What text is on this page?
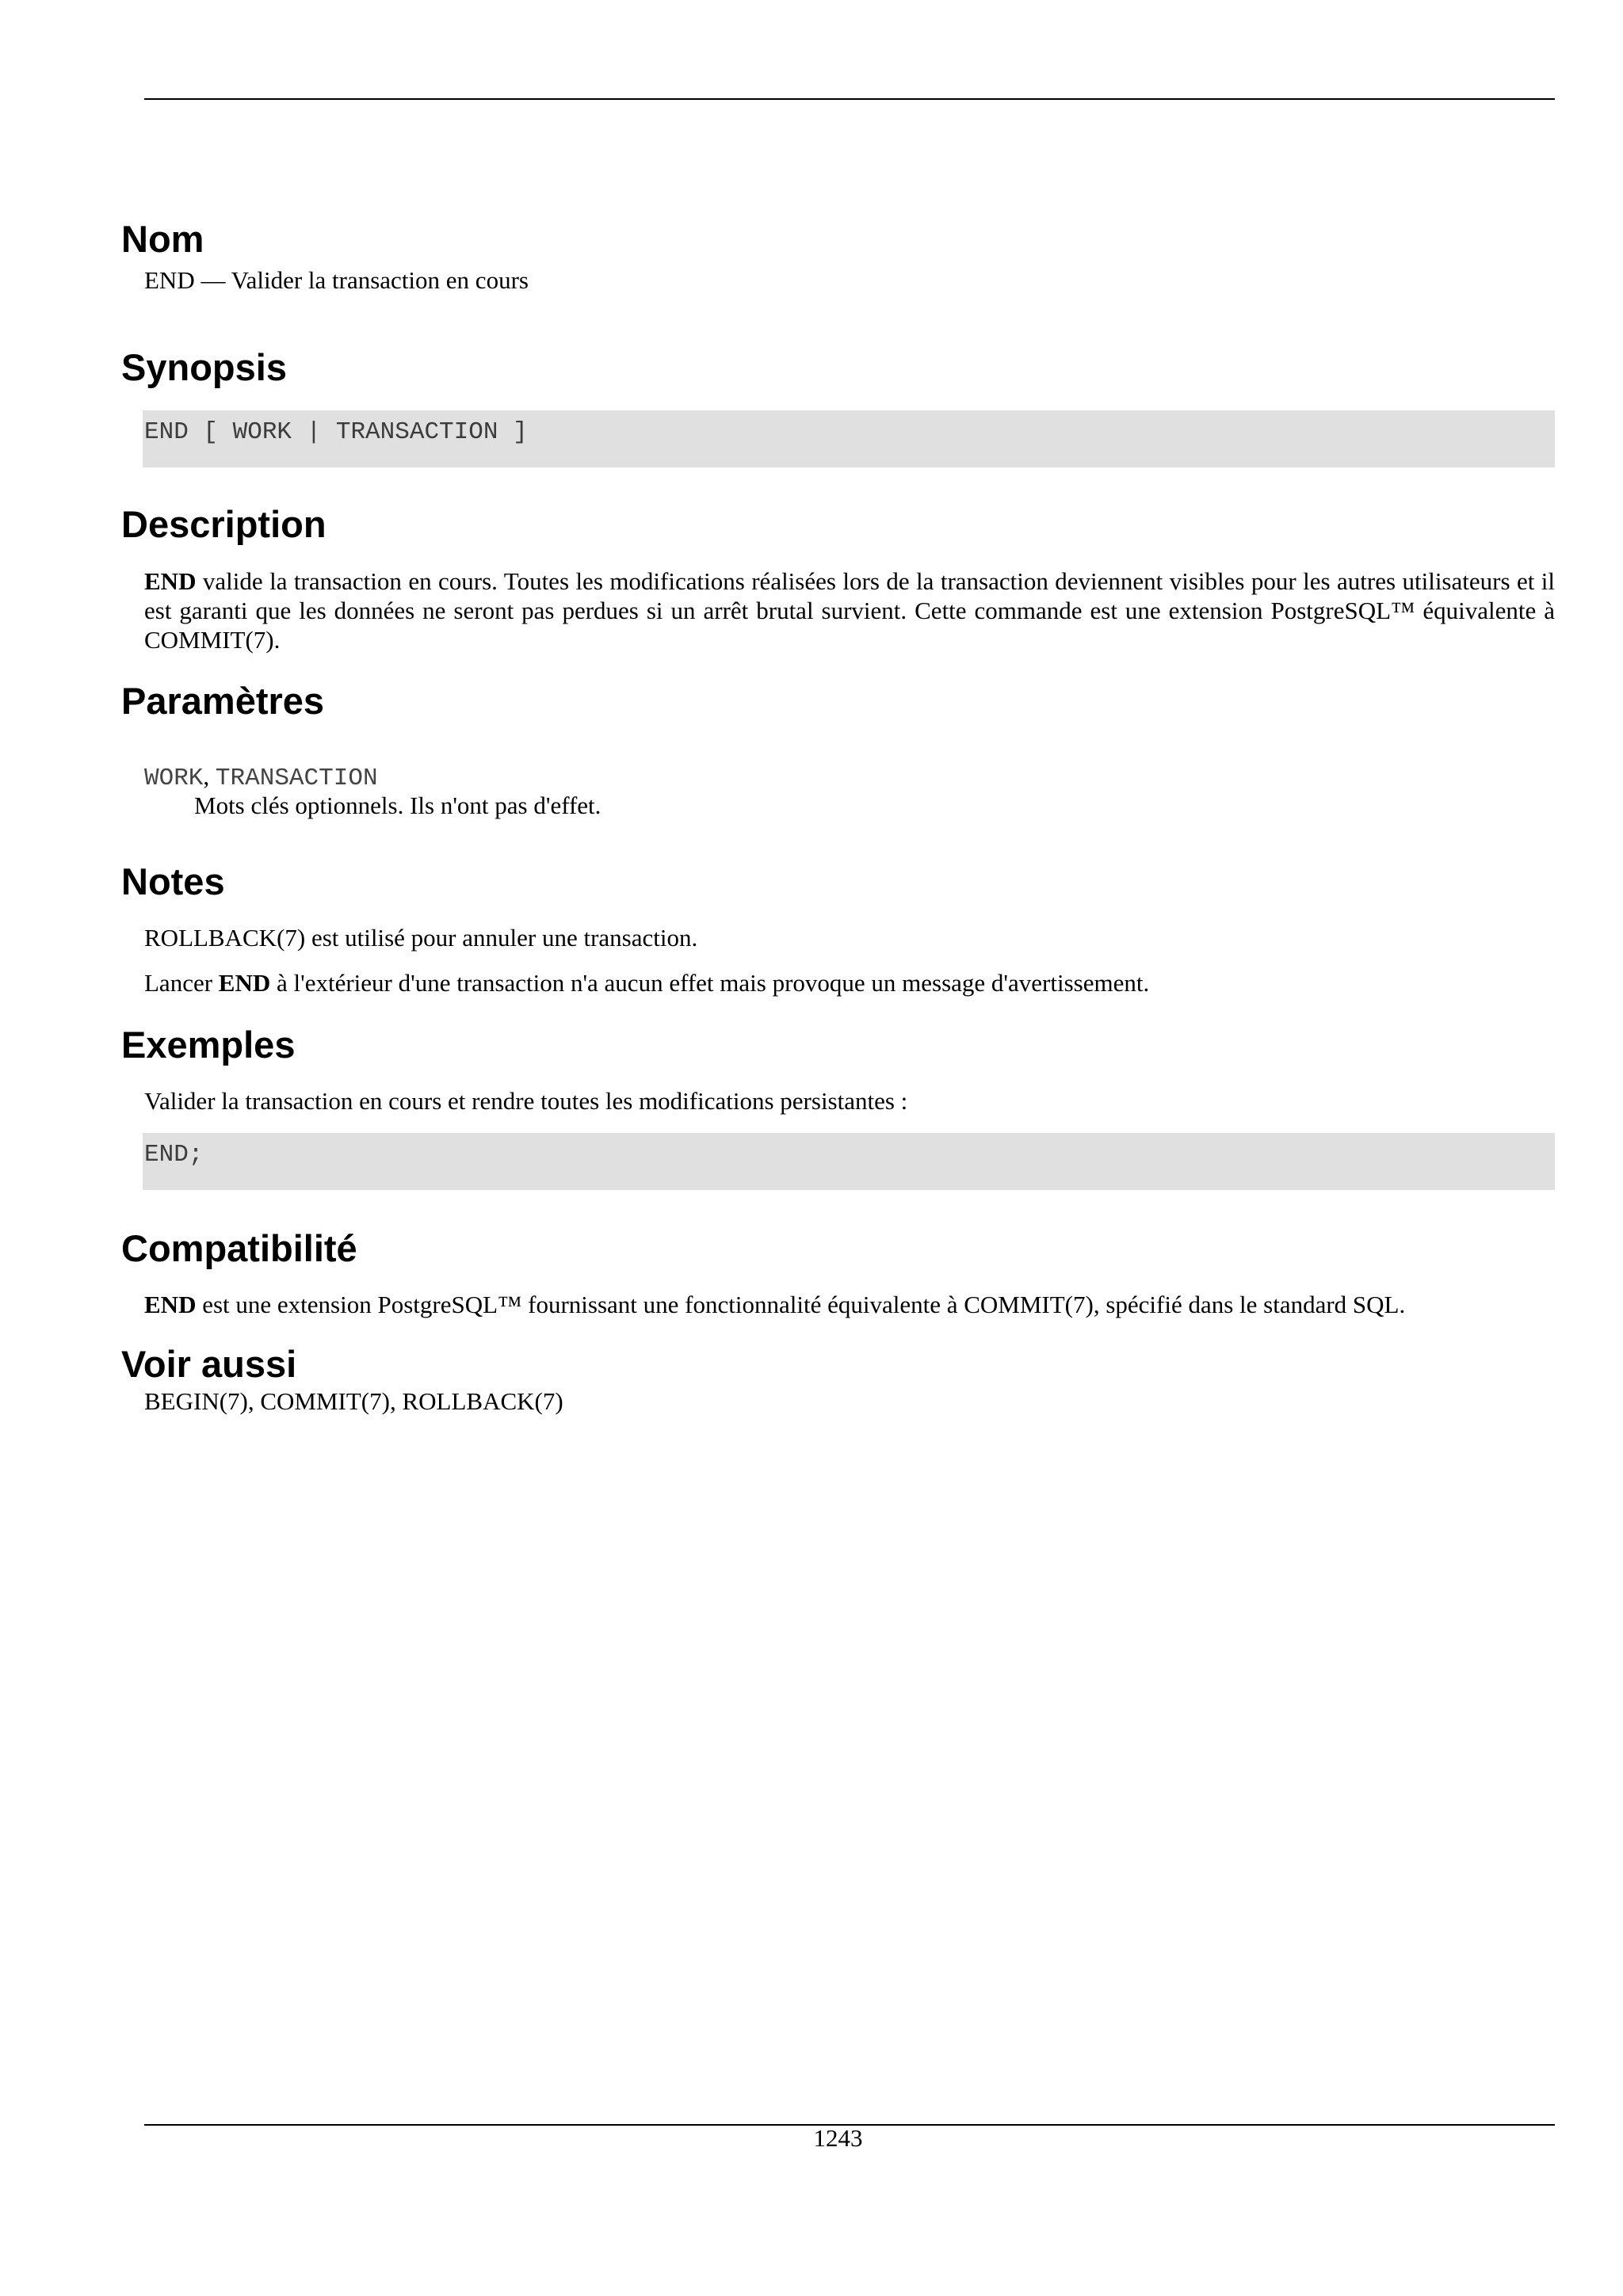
Nom

END — Valider la transaction en cours

Synopsis
END [ WORK | TRANSACTION ]
Description

END valide la transaction en cours. Toutes les modifications réalisées lors de la transaction deviennent visibles pour les autres utilisateurs et il est garanti que les données ne seront pas perdues si un arrêt brutal survient. Cette commande est une extension PostgreSQL™ équivalente à COMMIT(7).

Paramètres

WORK, TRANSACTION

Mots clés optionnels. Ils n'ont pas d'effet.

Notes

ROLLBACK(7) est utilisé pour annuler une transaction.

Lancer END à l'extérieur d'une transaction n'a aucun effet mais provoque un message d'avertissement.

Exemples

Valider la transaction en cours et rendre toutes les modifications persistantes :

END;
Compatibilité

END est une extension PostgreSQL™ fournissant une fonctionnalité équivalente à COMMIT(7), spécifié dans le standard SQL.

Voir aussi

BEGIN(7), COMMIT(7), ROLLBACK(7)

1243
